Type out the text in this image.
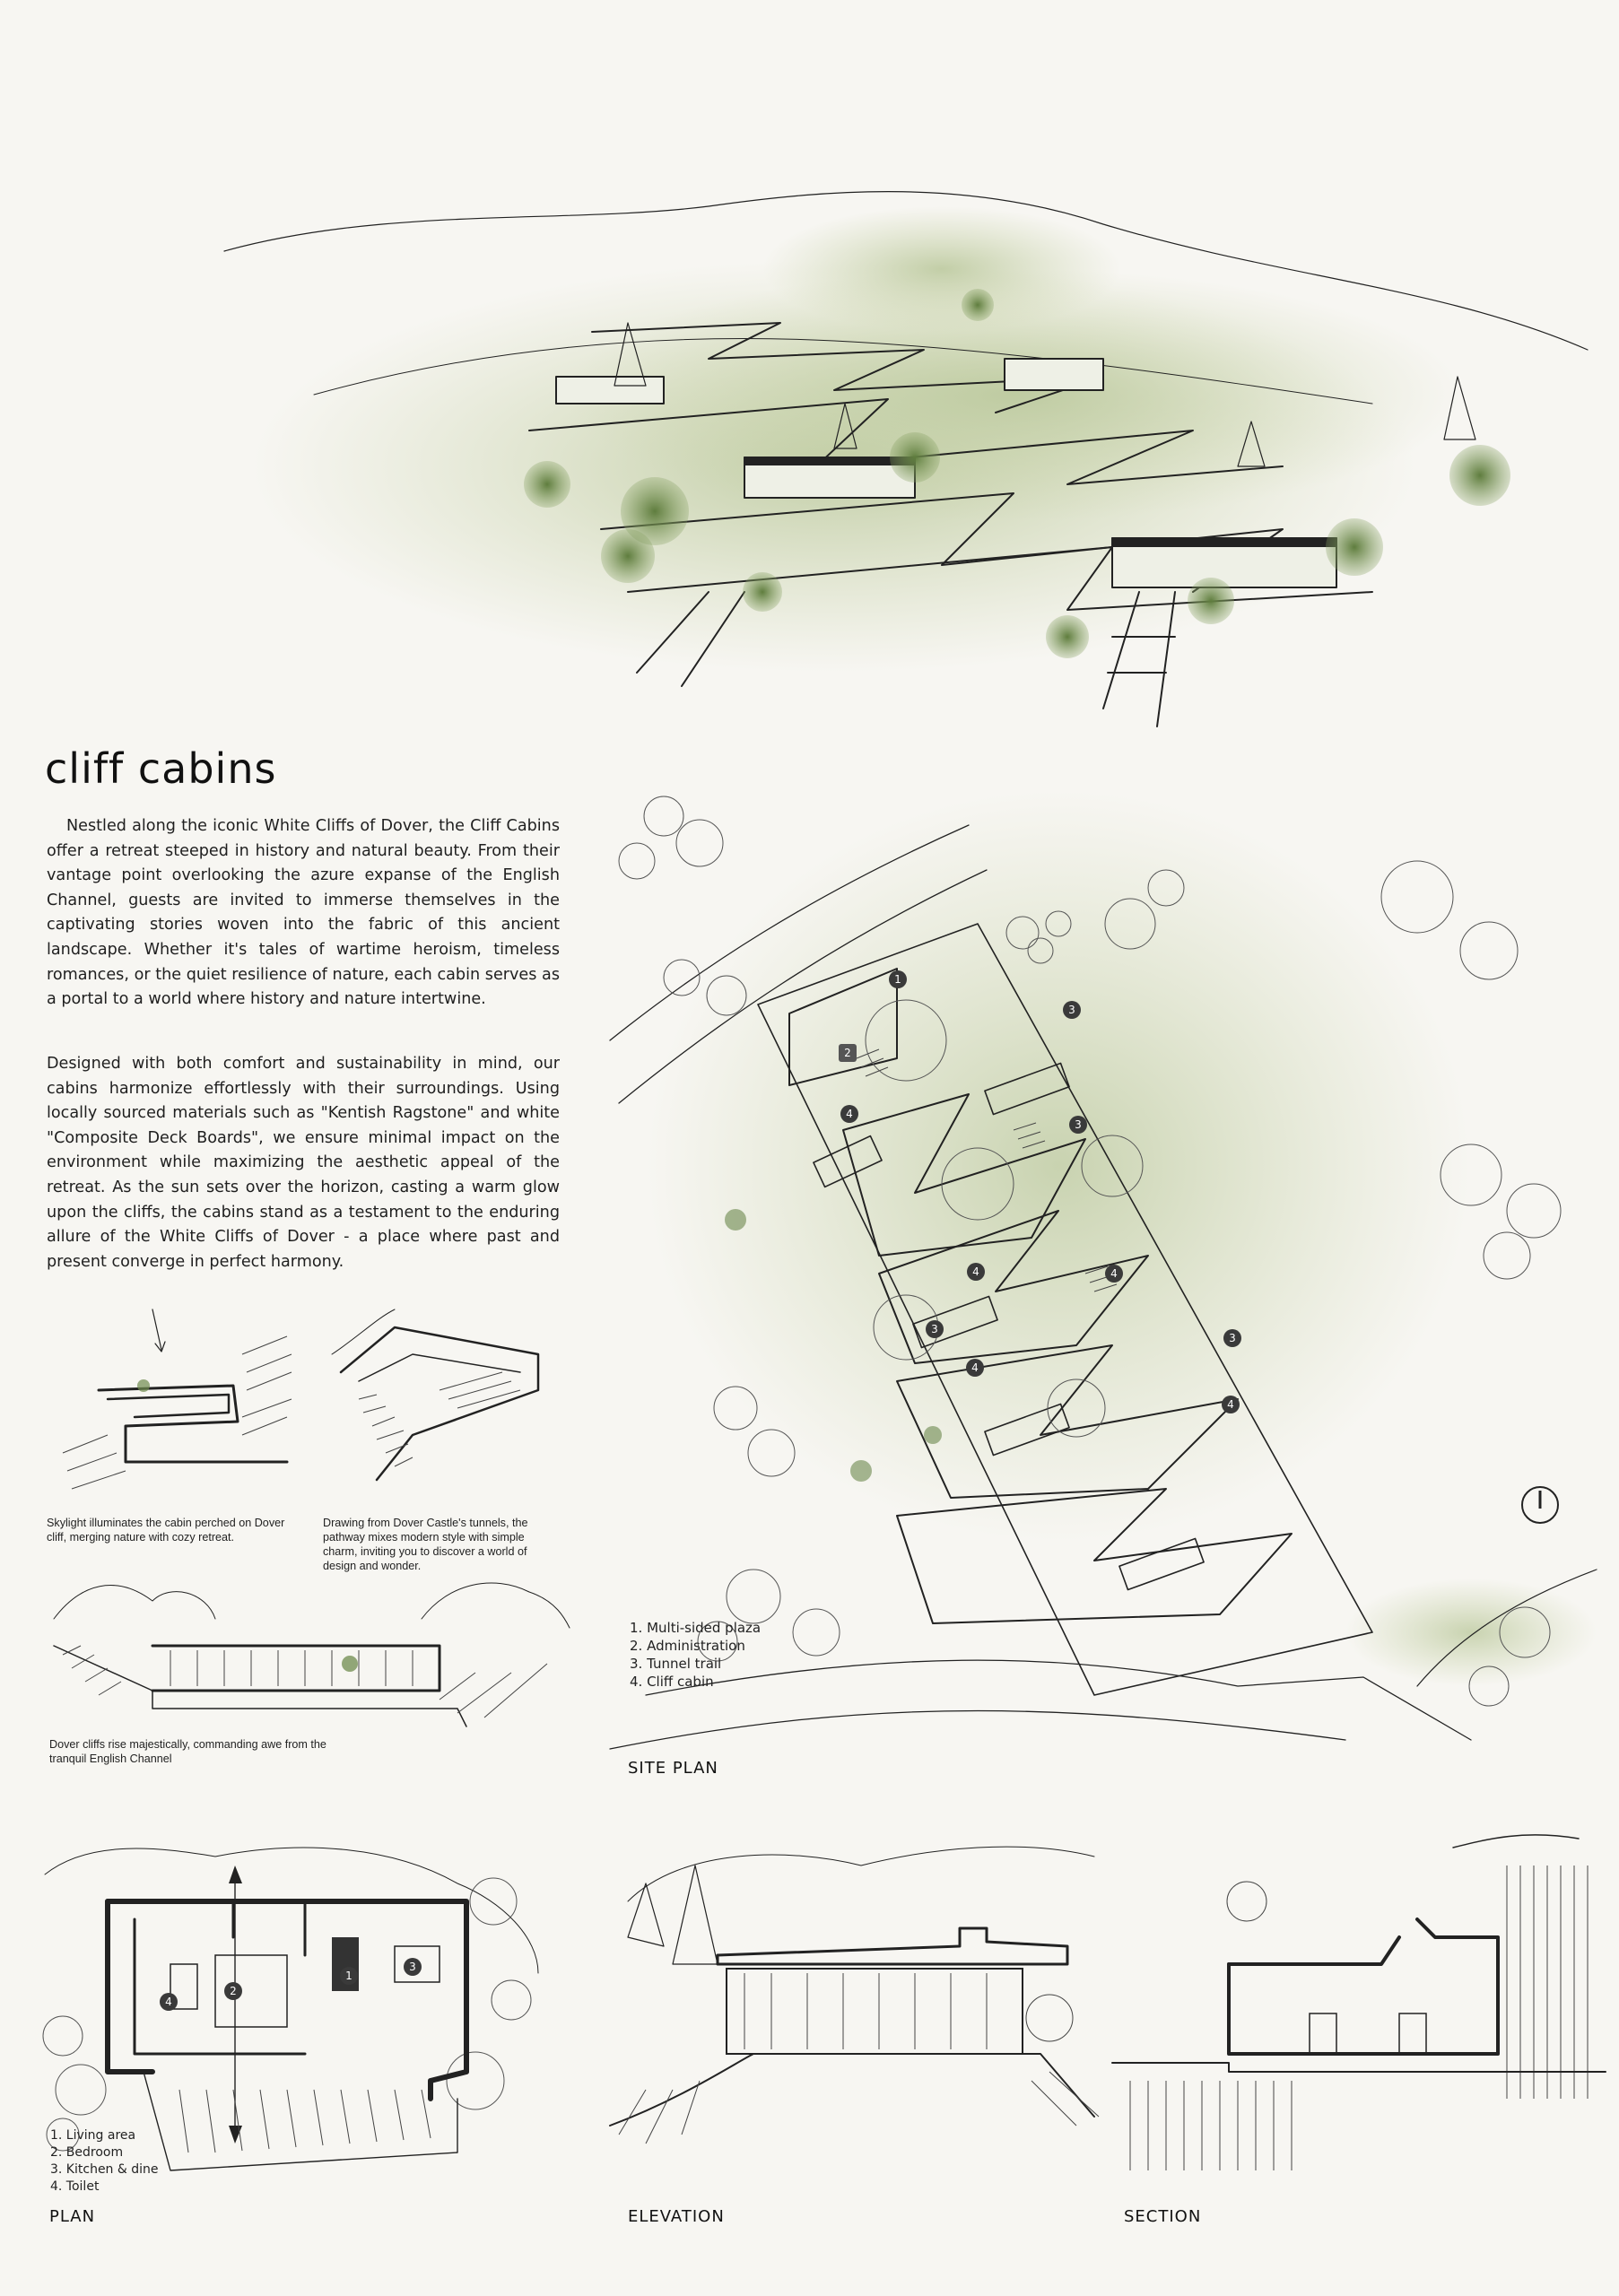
cliff cabins
Nestled along the iconic White Cliffs of Dover, the Cliff Cabins offer a retreat steeped in history and natural beauty. From their vantage point overlooking the azure expanse of the English Channel, guests are invited to immerse themselves in the captivating stories woven into the fabric of this ancient landscape. Whether it's tales of wartime heroism, timeless romances, or the quiet resilience of nature, each cabin serves as a portal to a world where history and nature intertwine.
Designed with both comfort and sustainability in mind, our cabins harmonize effortlessly with their surroundings. Using locally sourced materials such as "Kentish Ragstone" and white "Composite Deck Boards", we ensure minimal impact on the environment while maximizing the aesthetic appeal of the retreat. As the sun sets over the horizon, casting a warm glow upon the cliffs, the cabins stand as a testament to the enduring allure of the White Cliffs of Dover - a place where past and present converge in perfect harmony.
Skylight illuminates the cabin perched on Dover cliff, merging nature with cozy retreat.
Drawing from Dover Castle's tunnels, the pathway mixes modern style with simple charm, inviting you to discover a world of design and wonder.
Dover cliffs rise majestically, commanding awe from the tranquil English Channel
1
2
3
4
3
4
4
3
4
3
4
1. Multi-sided plaza
2. Administration
3. Tunnel trail
4. Cliff cabin
SITE PLAN
1
2
3
4
1. Living area
2. Bedroom
3. Kitchen & dine
4. Toilet
PLAN	ELEVATION	SECTION
